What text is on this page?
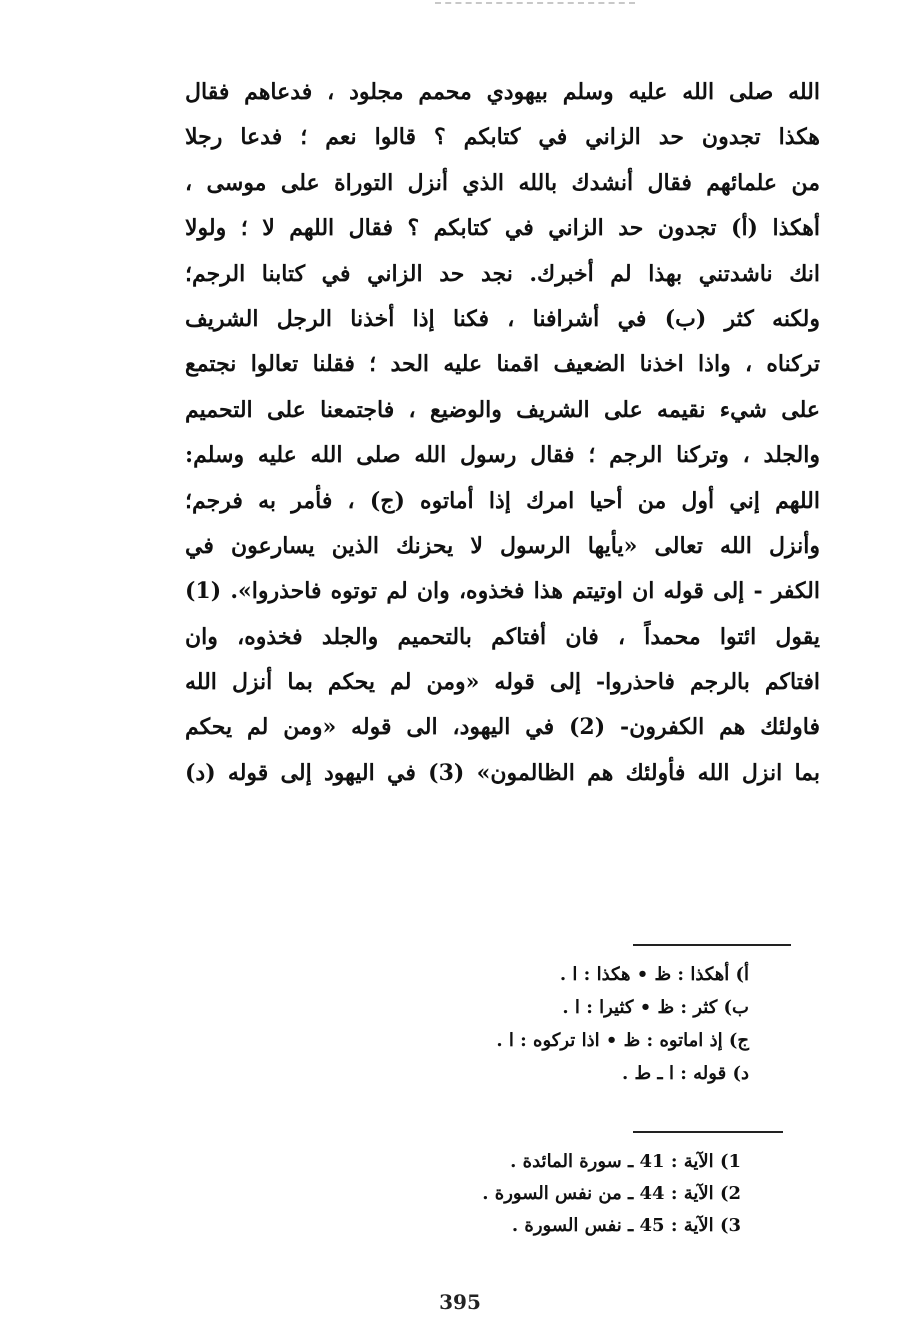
الله صلى الله عليه وسلم بيهودي محمم مجلود ، فدعاهم فقال
هكذا تجدون حد الزاني في كتابكم ؟ قالوا نعم ؛ فدعا رجلا
من علمائهم فقال أنشدك بالله الذي أنزل التوراة على موسى ،
أهكذا (أ) تجدون حد الزاني في كتابكم ؟ فقال اللهم لا ؛ ولولا
انك ناشدتني بهذا لم أخبرك. نجد حد الزاني في كتابنا الرجم؛
ولكنه كثر (ب) في أشرافنا ، فكنا إذا أخذنا الرجل الشريف
تركناه ، واذا اخذنا الضعيف اقمنا عليه الحد ؛ فقلنا تعالوا نجتمع
على شيء نقيمه على الشريف والوضيع ، فاجتمعنا على التحميم
والجلد ، وتركنا الرجم ؛ فقال رسول الله صلى الله عليه وسلم:
اللهم إني أول من أحيا امرك إذا أماتوه (ج) ، فأمر به فرجم؛
وأنزل الله تعالى «يأيها الرسول لا يحزنك الذين يسارعون في
الكفر - إلى قوله ان اوتيتم هذا فخذوه، وان لم توتوه فاحذروا». (1)
يقول ائتوا محمداً ، فان أفتاكم بالتحميم والجلد فخذوه، وان
افتاكم بالرجم فاحذروا- إلى قوله «ومن لم يحكم بما أنزل الله
فاولئك هم الكفرون- (2) في اليهود، الى قوله «ومن لم يحكم
بما انزل الله فأولئك هم الظالمون» (3) في اليهود إلى قوله (د)
أ) أهكذا : ظ • هكذا : ا .
ب) كثر : ظ • كثيرا : ا .
ج) إذ اماتوه : ظ • اذا تركوه : ا .
د) قوله : ا ـ ط .
1) الآية : 41 ـ سورة المائدة .
2) الآية : 44 ـ من نفس السورة .
3) الآية : 45 ـ نفس السورة .
395
